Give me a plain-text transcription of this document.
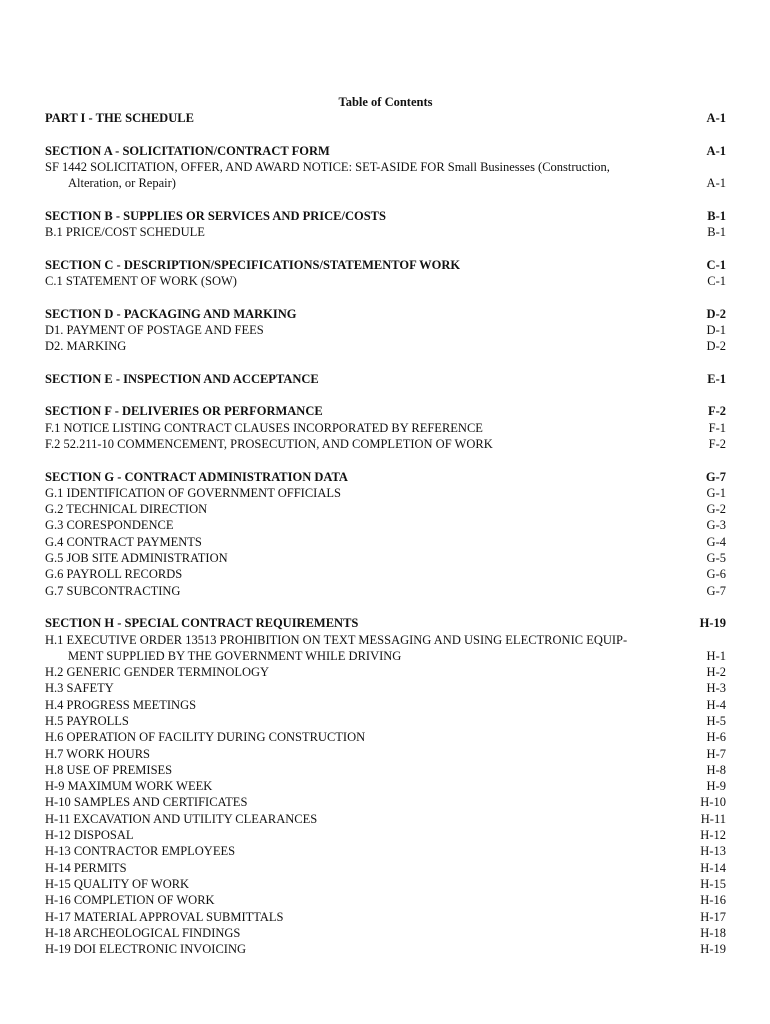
Table of Contents
PART I - THE SCHEDULE	A-1
SECTION A - SOLICITATION/CONTRACT FORM	A-1
SF 1442 SOLICITATION, OFFER, AND AWARD NOTICE: SET-ASIDE FOR Small Businesses (Construction,
Alteration, or Repair)	A-1
SECTION B - SUPPLIES OR SERVICES AND PRICE/COSTS	B-1
B.1 PRICE/COST SCHEDULE	B-1
SECTION C - DESCRIPTION/SPECIFICATIONS/STATEMENTOF WORK	C-1
C.1 STATEMENT OF WORK (SOW)	C-1
SECTION D - PACKAGING AND MARKING	D-2
D1. PAYMENT OF POSTAGE AND FEES	D-1
D2. MARKING	D-2
SECTION E - INSPECTION AND ACCEPTANCE	E-1
SECTION F - DELIVERIES OR PERFORMANCE	F-2
F.1 NOTICE LISTING CONTRACT CLAUSES INCORPORATED BY REFERENCE	F-1
F.2 52.211-10 COMMENCEMENT, PROSECUTION, AND COMPLETION OF WORK	F-2
SECTION G - CONTRACT ADMINISTRATION DATA	G-7
G.1 IDENTIFICATION OF GOVERNMENT OFFICIALS	G-1
G.2 TECHNICAL DIRECTION	G-2
G.3 CORESPONDENCE	G-3
G.4 CONTRACT PAYMENTS	G-4
G.5 JOB SITE ADMINISTRATION	G-5
G.6 PAYROLL RECORDS	G-6
G.7 SUBCONTRACTING	G-7
SECTION H - SPECIAL CONTRACT REQUIREMENTS	H-19
H.1 EXECUTIVE ORDER 13513 PROHIBITION ON TEXT MESSAGING AND USING ELECTRONIC EQUIP-
MENT SUPPLIED BY THE GOVERNMENT WHILE DRIVING	H-1
H.2 GENERIC GENDER TERMINOLOGY	H-2
H.3 SAFETY	H-3
H.4 PROGRESS MEETINGS	H-4
H.5 PAYROLLS	H-5
H.6 OPERATION OF FACILITY DURING CONSTRUCTION	H-6
H.7 WORK HOURS	H-7
H.8 USE OF PREMISES	H-8
H-9 MAXIMUM WORK WEEK	H-9
H-10 SAMPLES AND CERTIFICATES	H-10
H-11 EXCAVATION AND UTILITY CLEARANCES	H-11
H-12 DISPOSAL	H-12
H-13 CONTRACTOR EMPLOYEES	H-13
H-14 PERMITS	H-14
H-15 QUALITY OF WORK	H-15
H-16 COMPLETION OF WORK	H-16
H-17 MATERIAL APPROVAL SUBMITTALS	H-17
H-18 ARCHEOLOGICAL FINDINGS	H-18
H-19 DOI ELECTRONIC INVOICING	H-19
